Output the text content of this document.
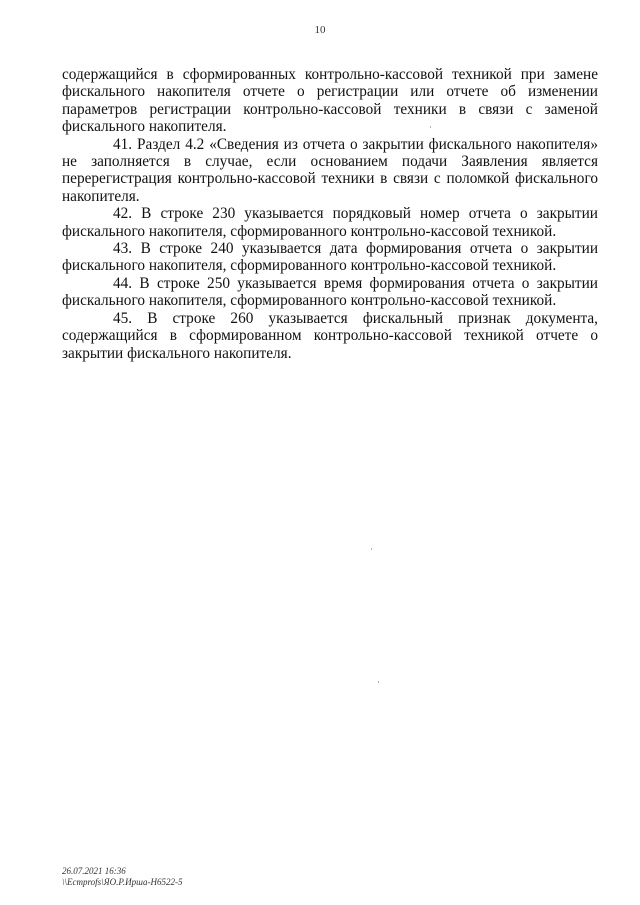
10

содержащийся в сформированных контрольно-кассовой техникой при замене фискального накопителя отчете о регистрации или отчете об изменении параметров регистрации контрольно-кассовой техники в связи с заменой фискального накопителя.

41. Раздел 4.2 «Сведения из отчета о закрытии фискального накопителя» не заполняется в случае, если основанием подачи Заявления является перерегистрация контрольно-кассовой техники в связи с поломкой фискального накопителя.

42. В строке 230 указывается порядковый номер отчета о закрытии фискального накопителя, сформированного контрольно-кассовой техникой.

43. В строке 240 указывается дата формирования отчета о закрытии фискального накопителя, сформированного контрольно-кассовой техникой.

44. В строке 250 указывается время формирования отчета о закрытии фискального накопителя, сформированного контрольно-кассовой техникой.

45. В строке 260 указывается фискальный признак документа, содержащийся в сформированном контрольно-кассовой техникой отчете о закрытии фискального накопителя.

26.07.2021 16:36
\\Ecmprofs\ЯО.Р.Ирша-Н6522-5
